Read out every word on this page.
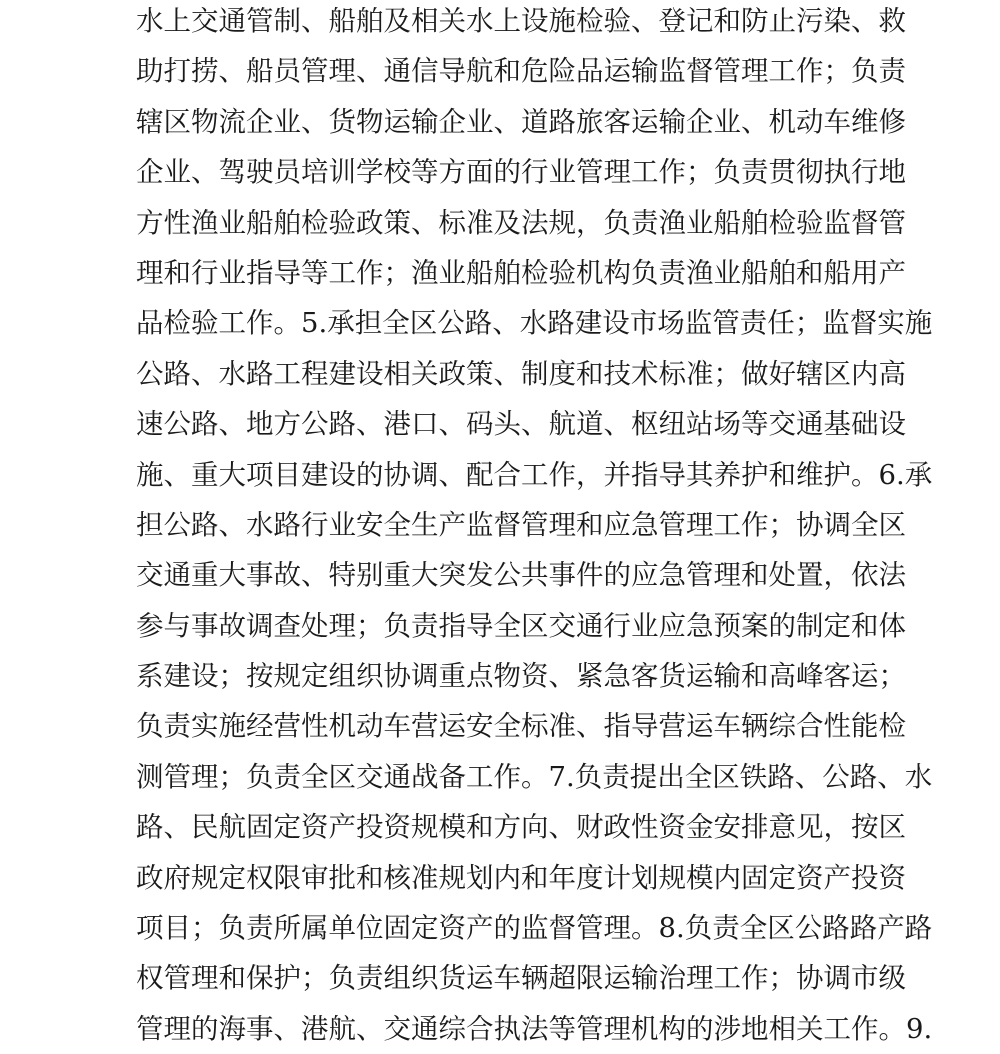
水上交通管制、船舶及相关水上设施检验、登记和防止污染、救
助打捞、船员管理、通信导航和危险品运输监督管理工作；负责
辖区物流企业、货物运输企业、道路旅客运输企业、机动车维修
企业、驾驶员培训学校等方面的行业管理工作；负责贯彻执行地
方性渔业船舶检验政策、标准及法规，负责渔业船舶检验监督管
理和行业指导等工作；渔业船舶检验机构负责渔业船舶和船用产
品检验工作。5.承担全区公路、水路建设市场监管责任；监督实施
公路、水路工程建设相关政策、制度和技术标准；做好辖区内高
速公路、地方公路、港口、码头、航道、枢纽站场等交通基础设
施、重大项目建设的协调、配合工作，并指导其养护和维护。6.承
担公路、水路行业安全生产监督管理和应急管理工作；协调全区
交通重大事故、特别重大突发公共事件的应急管理和处置，依法
参与事故调查处理；负责指导全区交通行业应急预案的制定和体
系建设；按规定组织协调重点物资、紧急客货运输和高峰客运；
负责实施经营性机动车营运安全标准、指导营运车辆综合性能检
测管理；负责全区交通战备工作。7.负责提出全区铁路、公路、水
路、民航固定资产投资规模和方向、财政性资金安排意见，按区
政府规定权限审批和核准规划内和年度计划规模内固定资产投资
项目；负责所属单位固定资产的监督管理。8.负责全区公路路产路
权管理和保护；负责组织货运车辆超限运输治理工作；协调市级
管理的海事、港航、交通综合执法等管理机构的涉地相关工作。9.
